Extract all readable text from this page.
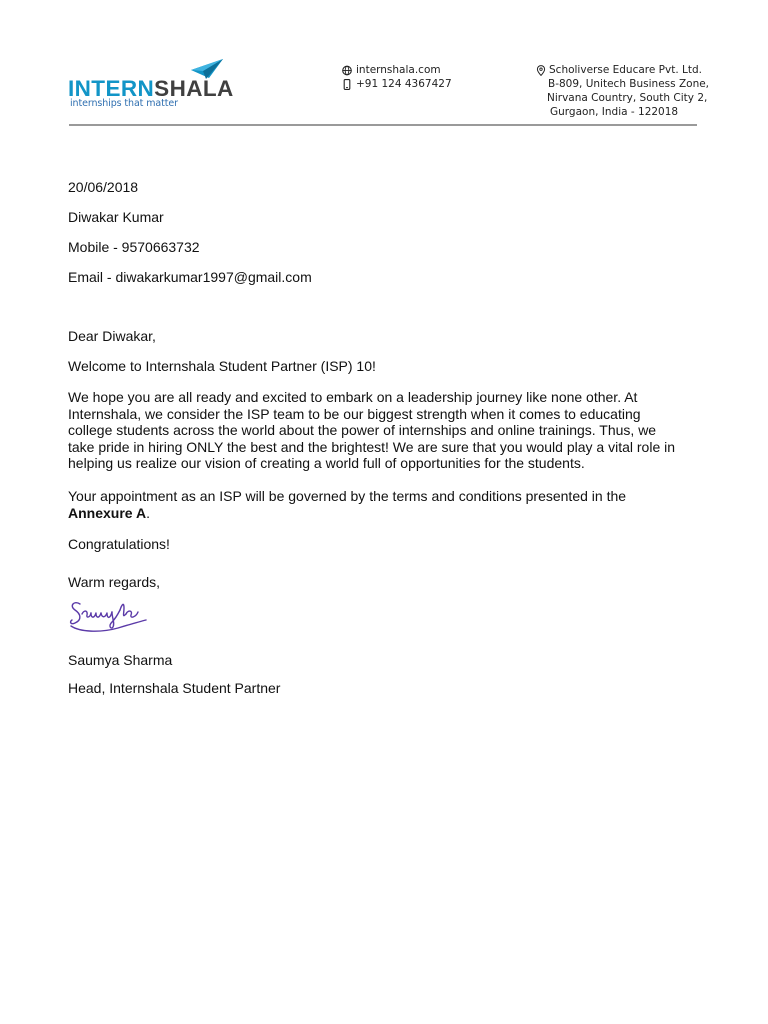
INTERNSHALA
internships that matter
internshala.com
+91 124 4367427
Scholiverse Educare Pvt. Ltd.
B-809, Unitech Business Zone,
Nirvana Country, South City 2,
Gurgaon, India - 122018
20/06/2018
Diwakar Kumar
Mobile - 9570663732
Email - diwakarkumar1997@gmail.com
Dear Diwakar,
Welcome to Internshala Student Partner (ISP) 10!
We hope you are all ready and excited to embark on a leadership journey like none other. At
Internshala, we consider the ISP team to be our biggest strength when it comes to educating
college students across the world about the power of internships and online trainings. Thus, we
take pride in hiring ONLY the best and the brightest! We are sure that you would play a vital role in
helping us realize our vision of creating a world full of opportunities for the students.
Your appointment as an ISP will be governed by the terms and conditions presented in the
Annexure A.
Congratulations!
Warm regards,
Saumya Sharma
Head, Internshala Student Partner
